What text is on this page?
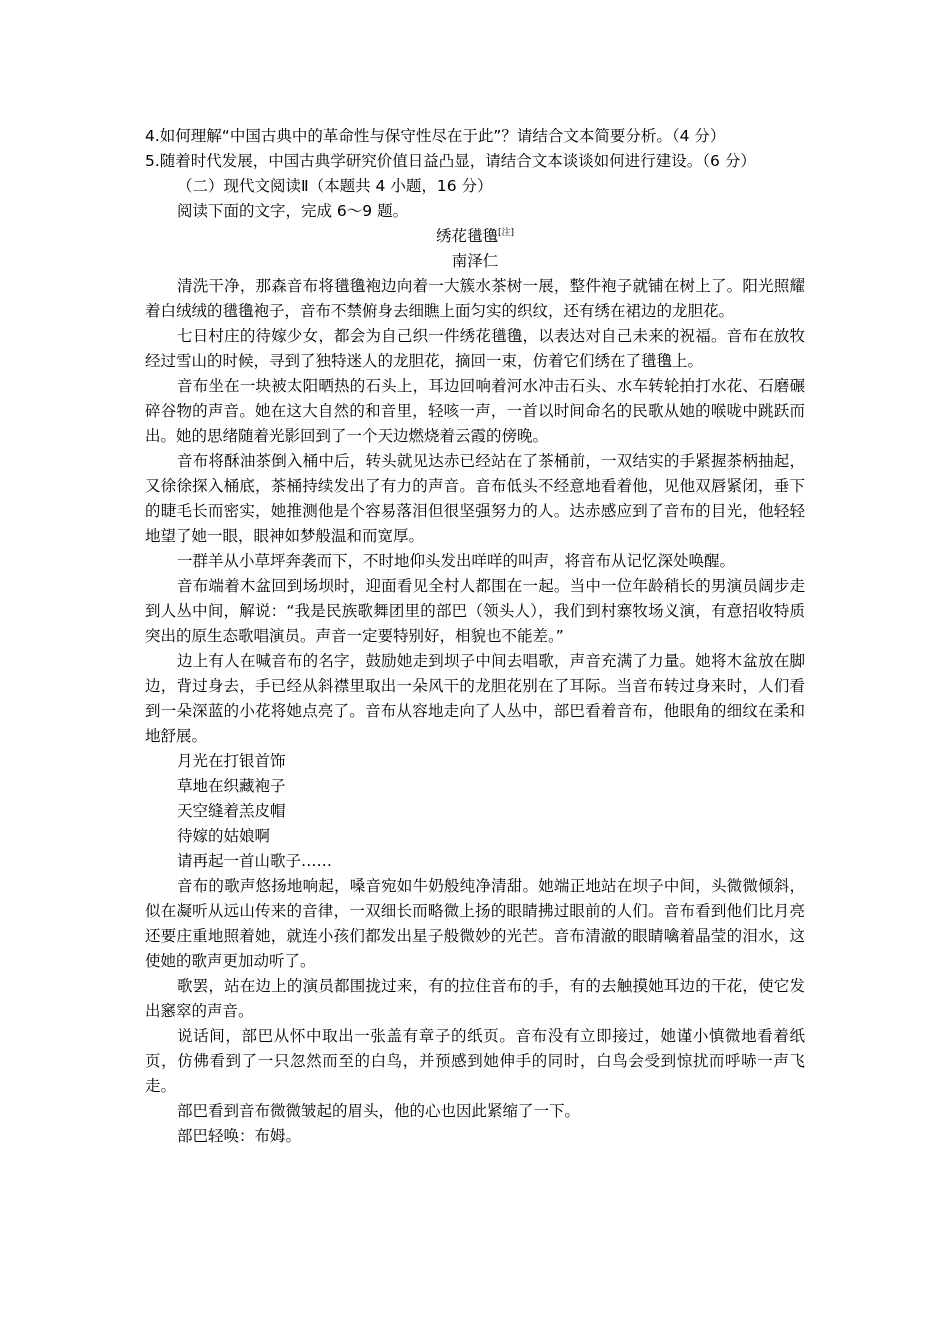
4.如何理解“中国古典中的革命性与保守性尽在于此”？请结合文本简要分析。（4 分）

5.随着时代发展，中国古典学研究价值日益凸显，请结合文本谈谈如何进行建设。（6 分）

（二）现代文阅读Ⅱ（本题共 4 小题，16 分）

阅读下面的文字，完成 6～9 题。

绣花氆氇[注]

南泽仁

清洗干净，那森音布将氆氇袍边向着一大簇水茶树一展，整件袍子就铺在树上了。阳光照耀着白绒绒的氆氇袍子，音布不禁俯身去细瞧上面匀实的织纹，还有绣在裙边的龙胆花。

七日村庄的待嫁少女，都会为自己织一件绣花氆氇，以表达对自己未来的祝福。音布在放牧经过雪山的时候，寻到了独特迷人的龙胆花，摘回一束，仿着它们绣在了氆氇上。

音布坐在一块被太阳晒热的石头上，耳边回响着河水冲击石头、水车转轮拍打水花、石磨碾碎谷物的声音。她在这大自然的和音里，轻咳一声，一首以时间命名的民歌从她的喉咙中跳跃而出。她的思绪随着光影回到了一个天边燃烧着云霞的傍晚。

音布将酥油茶倒入桶中后，转头就见达赤已经站在了茶桶前，一双结实的手紧握茶柄抽起，又徐徐探入桶底，茶桶持续发出了有力的声音。音布低头不经意地看着他，见他双唇紧闭，垂下的睫毛长而密实，她推测他是个容易落泪但很坚强努力的人。达赤感应到了音布的目光，他轻轻地望了她一眼，眼神如梦般温和而宽厚。

一群羊从小草坪奔袭而下，不时地仰头发出咩咩的叫声，将音布从记忆深处唤醒。

音布端着木盆回到场坝时，迎面看见全村人都围在一起。当中一位年龄稍长的男演员阔步走到人丛中间，解说：“我是民族歌舞团里的部巴（领头人），我们到村寨牧场义演，有意招收特质突出的原生态歌唱演员。声音一定要特别好，相貌也不能差。”

边上有人在喊音布的名字，鼓励她走到坝子中间去唱歌，声音充满了力量。她将木盆放在脚边，背过身去，手已经从斜襟里取出一朵风干的龙胆花别在了耳际。当音布转过身来时，人们看到一朵深蓝的小花将她点亮了。音布从容地走向了人丛中，部巴看着音布，他眼角的细纹在柔和地舒展。

月光在打银首饰

草地在织藏袍子

天空缝着羔皮帽

待嫁的姑娘啊

请再起一首山歌子……

音布的歌声悠扬地响起，嗓音宛如牛奶般纯净清甜。她端正地站在坝子中间，头微微倾斜，似在凝听从远山传来的音律，一双细长而略微上扬的眼睛拂过眼前的人们。音布看到他们比月亮还要庄重地照着她，就连小孩们都发出星子般微妙的光芒。音布清澈的眼睛噙着晶莹的泪水，这使她的歌声更加动听了。

歌罢，站在边上的演员都围拢过来，有的拉住音布的手，有的去触摸她耳边的干花，使它发出窸窣的声音。

说话间，部巴从怀中取出一张盖有章子的纸页。音布没有立即接过，她谨小慎微地看着纸页，仿佛看到了一只忽然而至的白鸟，并预感到她伸手的同时，白鸟会受到惊扰而呼哧一声飞走。

部巴看到音布微微皱起的眉头，他的心也因此紧缩了一下。

部巴轻唤：布姆。
